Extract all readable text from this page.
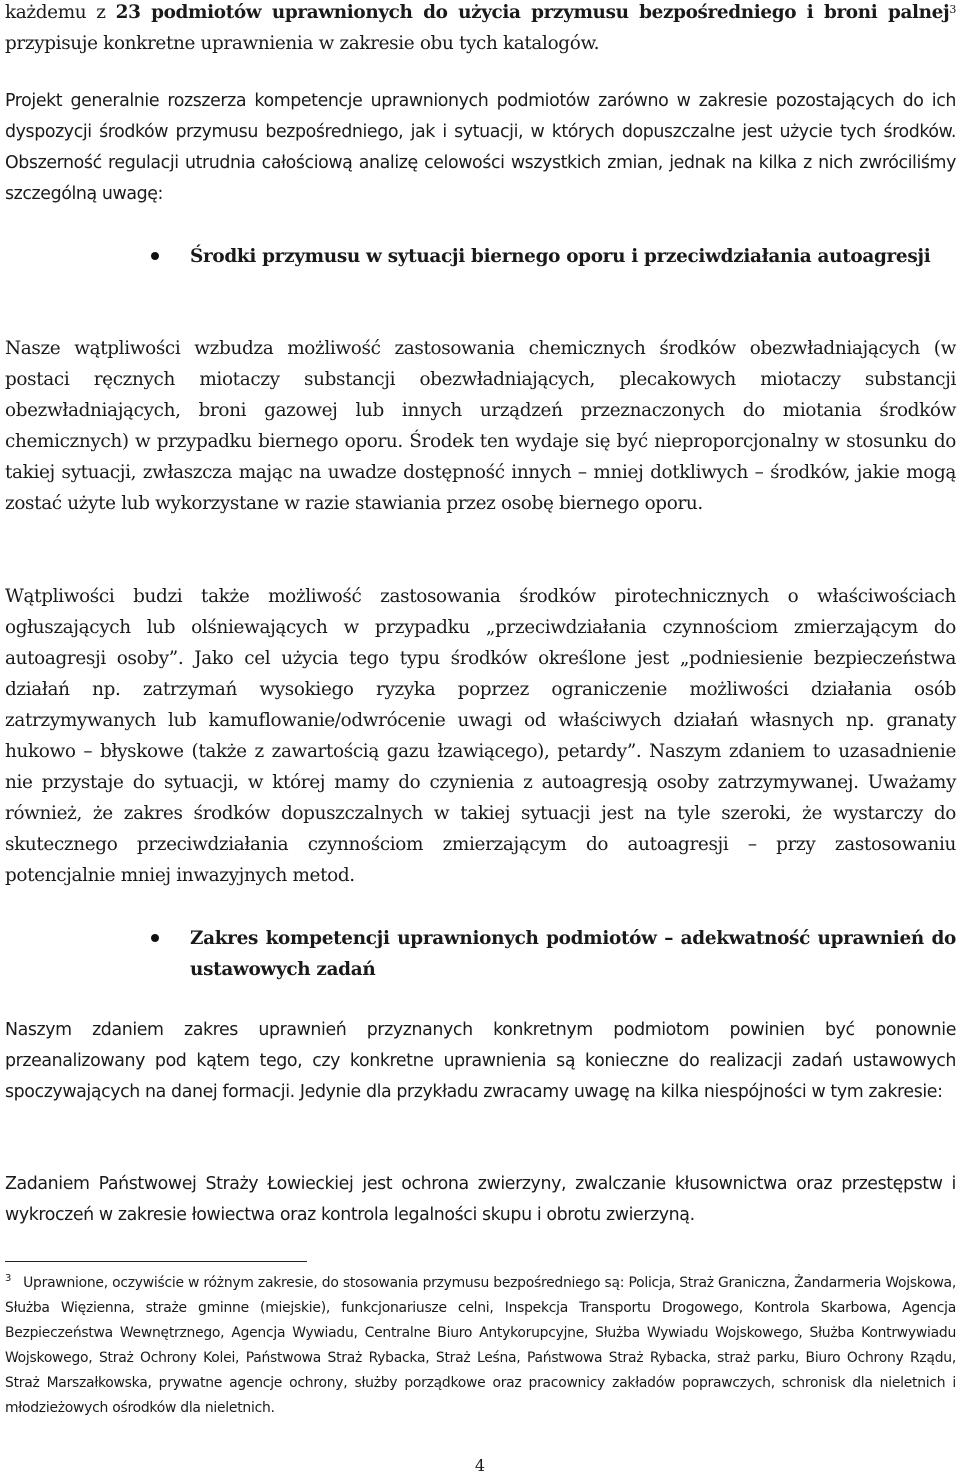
każdemu z 23 podmiotów uprawnionych do użycia przymusu bezpośredniego i broni palnej$^3$ przypisuje konkretne uprawnienia w zakresie obu tych katalogów.
Projekt generalnie rozszerza kompetencje uprawnionych podmiotów zarówno w zakresie pozostających do ich dyspozycji środków przymusu bezpośredniego, jak i sytuacji, w których dopuszczalne jest użycie tych środków. Obszerność regulacji utrudnia całościową analizę celowości wszystkich zmian, jednak na kilka z nich zwróciliśmy szczególną uwagę:
Środki przymusu w sytuacji biernego oporu i przeciwdziałania autoagresji
Nasze wątpliwości wzbudza możliwość zastosowania chemicznych środków obezwładniających (w postaci ręcznych miotaczy substancji obezwładniających, plecakowych miotaczy substancji obezwładniających, broni gazowej lub innych urządzeń przeznaczonych do miotania środków chemicznych) w przypadku biernego oporu. Środek ten wydaje się być nieproporcjonalny w stosunku do takiej sytuacji, zwłaszcza mając na uwadze dostępność innych – mniej dotkliwych – środków, jakie mogą zostać użyte lub wykorzystane w razie stawiania przez osobę biernego oporu.
Wątpliwości budzi także możliwość zastosowania środków pirotechnicznych o właściwościach ogłuszających lub olśniewających w przypadku „przeciwdziałania czynnościom zmierzającym do autoagresji osoby”. Jako cel użycia tego typu środków określone jest „podniesienie bezpieczeństwa działań np. zatrzymań wysokiego ryzyka poprzez ograniczenie możliwości działania osób zatrzymywanych lub kamuflowanie/odwrócenie uwagi od właściwych działań własnych np. granaty hukowo – błyskowe (także z zawartością gazu łzawiącego), petardy”. Naszym zdaniem to uzasadnienie nie przystaje do sytuacji, w której mamy do czynienia z autoagresją osoby zatrzymywanej. Uważamy również, że zakres środków dopuszczalnych w takiej sytuacji jest na tyle szeroki, że wystarczy do skutecznego przeciwdziałania czynnościom zmierzającym do autoagresji – przy zastosowaniu potencjalnie mniej inwazyjnych metod.
Zakres kompetencji uprawnionych podmiotów – adekwatność uprawnień do ustawowych zadań
Naszym zdaniem zakres uprawnień przyznanych konkretnym podmiotom powinien być ponownie przeanalizowany pod kątem tego, czy konkretne uprawnienia są konieczne do realizacji zadań ustawowych spoczywających na danej formacji. Jedynie dla przykładu zwracamy uwagę na kilka niespójności w tym zakresie:
Zadaniem Państwowej Straży Łowieckiej jest ochrona zwierzyny, zwalczanie kłusownictwa oraz przestępstw i wykroczeń w zakresie łowiectwa oraz kontrola legalności skupu i obrotu zwierzyną.
$^3$ Uprawnione, oczywiście w różnym zakresie, do stosowania przymusu bezpośredniego są: Policja, Straż Graniczna, Żandarmeria Wojskowa, Służba Więzienna, straże gminne (miejskie), funkcjonariusze celni, Inspekcja Transportu Drogowego, Kontrola Skarbowa, Agencja Bezpieczeństwa Wewnętrznego, Agencja Wywiadu, Centralne Biuro Antykorupcyjne, Służba Wywiadu Wojskowego, Służba Kontrwywiadu Wojskowego, Straż Ochrony Kolei, Państwowa Straż Rybacka, Straż Leśna, Państwowa Straż Rybacka, straż parku, Biuro Ochrony Rządu, Straż Marszałkowska, prywatne agencje ochrony, służby porządkowe oraz pracownicy zakładów poprawczych, schronisk dla nieletnich i młodzieżowych ośrodków dla nieletnich.
4
